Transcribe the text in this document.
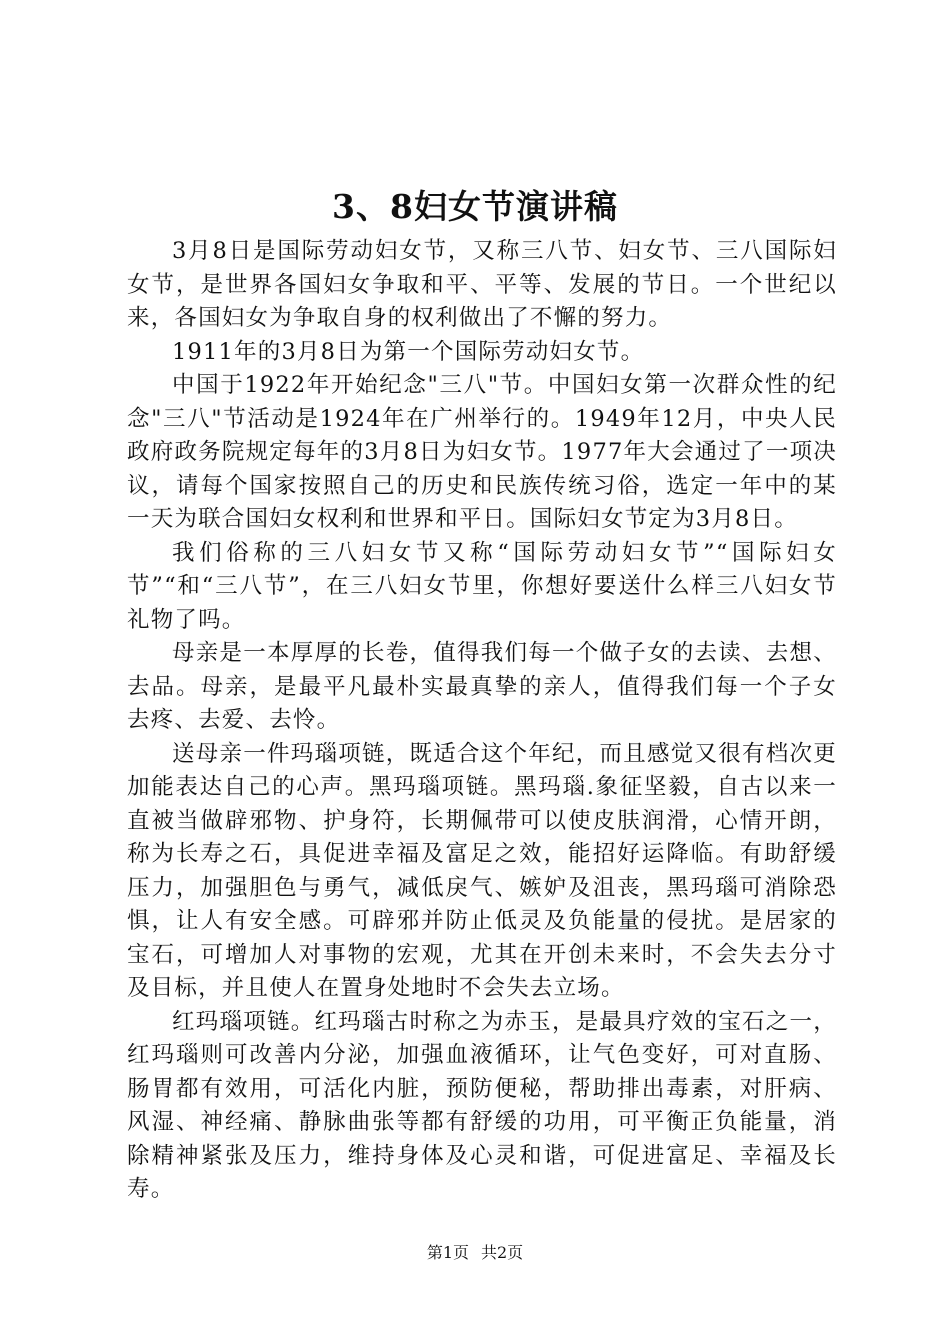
3、8妇女节演讲稿

3月8日是国际劳动妇女节，又称三八节、妇女节、三八国际妇女节，是世界各国妇女争取和平、平等、发展的节日。一个世纪以来，各国妇女为争取自身的权利做出了不懈的努力。

1911年的3月8日为第一个国际劳动妇女节。

中国于1922年开始纪念"三八"节。中国妇女第一次群众性的纪念"三八"节活动是1924年在广州举行的。1949年12月，中央人民政府政务院规定每年的3月8日为妇女节。1977年大会通过了一项决议，请每个国家按照自己的历史和民族传统习俗，选定一年中的某一天为联合国妇女权利和世界和平日。国际妇女节定为3月8日。

我们俗称的三八妇女节又称“国际劳动妇女节”“国际妇女节”“和“三八节”，在三八妇女节里，你想好要送什么样三八妇女节礼物了吗。

母亲是一本厚厚的长卷，值得我们每一个做子女的去读、去想、去品。母亲，是最平凡最朴实最真挚的亲人，值得我们每一个子女去疼、去爱、去怜。

送母亲一件玛瑙项链，既适合这个年纪，而且感觉又很有档次更加能表达自己的心声。黑玛瑙项链。黑玛瑙.象征坚毅，自古以来一直被当做辟邪物、护身符，长期佩带可以使皮肤润滑，心情开朗，称为长寿之石，具促进幸福及富足之效，能招好运降临。有助舒缓压力，加强胆色与勇气，减低戾气、嫉妒及沮丧，黑玛瑙可消除恐惧，让人有安全感。可辟邪并防止低灵及负能量的侵扰。是居家的宝石，可增加人对事物的宏观，尤其在开创未来时，不会失去分寸及目标，并且使人在置身处地时不会失去立场。

红玛瑙项链。红玛瑙古时称之为赤玉，是最具疗效的宝石之一，红玛瑙则可改善内分泌，加强血液循环，让气色变好，可对直肠、肠胃都有效用，可活化内脏，预防便秘，帮助排出毒素，对肝病、风湿、神经痛、静脉曲张等都有舒缓的功用，可平衡正负能量，消除精神紧张及压力，维持身体及心灵和谐，可促进富足、幸福及长寿。

第1页 共2页
